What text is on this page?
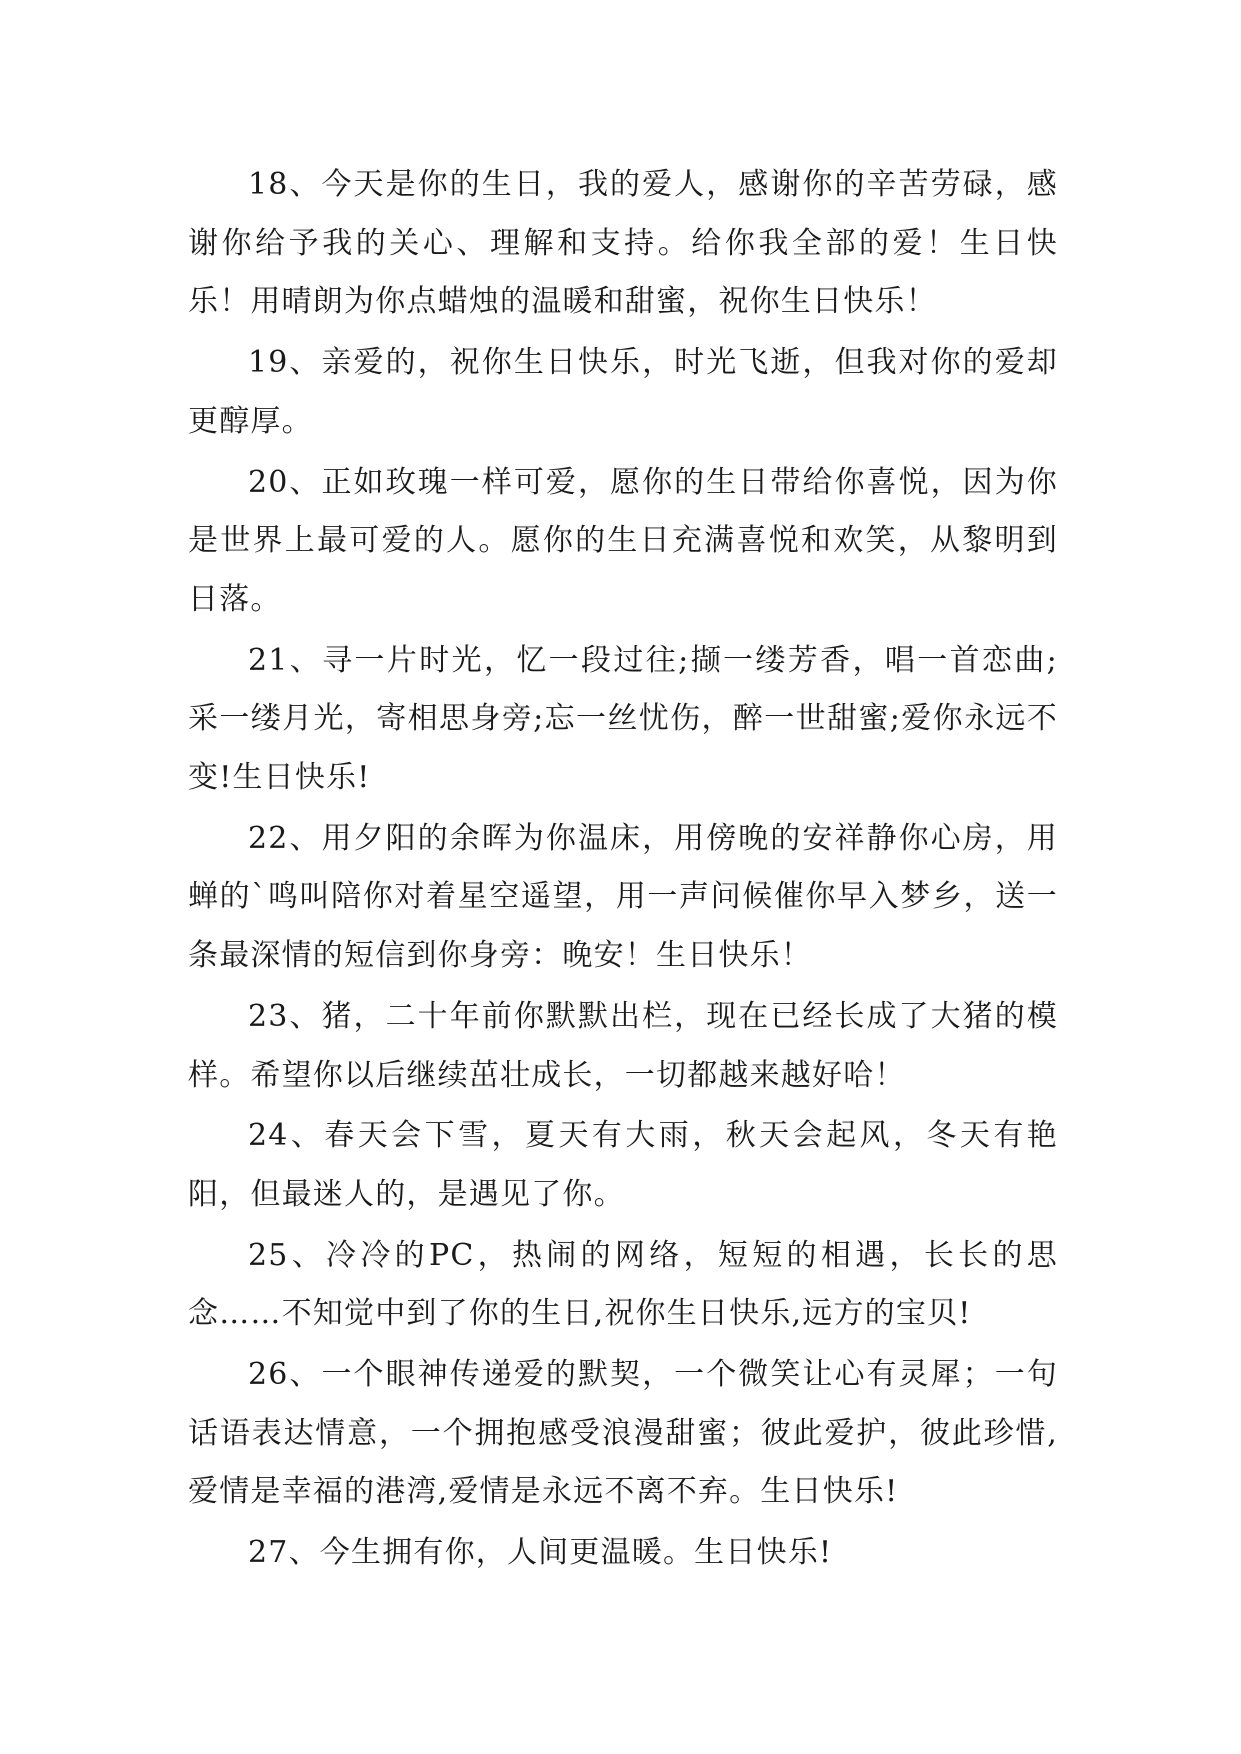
18、今天是你的生日，我的爱人，感谢你的辛苦劳碌，感谢你给予我的关心、理解和支持。给你我全部的爱！生日快乐！用晴朗为你点蜡烛的温暖和甜蜜，祝你生日快乐！

19、亲爱的，祝你生日快乐，时光飞逝，但我对你的爱却更醇厚。

20、正如玫瑰一样可爱，愿你的生日带给你喜悦，因为你是世界上最可爱的人。愿你的生日充满喜悦和欢笑，从黎明到日落。

21、寻一片时光，忆一段过往;撷一缕芳香，唱一首恋曲;采一缕月光，寄相思身旁;忘一丝忧伤，醉一世甜蜜;爱你永远不变!生日快乐!

22、用夕阳的余晖为你温床，用傍晚的安祥静你心房，用蝉的`鸣叫陪你对着星空遥望，用一声问候催你早入梦乡，送一条最深情的短信到你身旁：晚安！生日快乐！

23、猪，二十年前你默默出栏，现在已经长成了大猪的模样。希望你以后继续茁壮成长，一切都越来越好哈！

24、春天会下雪，夏天有大雨，秋天会起风，冬天有艳阳，但最迷人的，是遇见了你。

25、冷冷的PC，热闹的网络，短短的相遇，长长的思念……不知觉中到了你的生日,祝你生日快乐,远方的宝贝!

26、一个眼神传递爱的默契，一个微笑让心有灵犀；一句话语表达情意，一个拥抱感受浪漫甜蜜；彼此爱护，彼此珍惜,爱情是幸福的港湾,爱情是永远不离不弃。生日快乐!

27、今生拥有你，人间更温暖。生日快乐!
